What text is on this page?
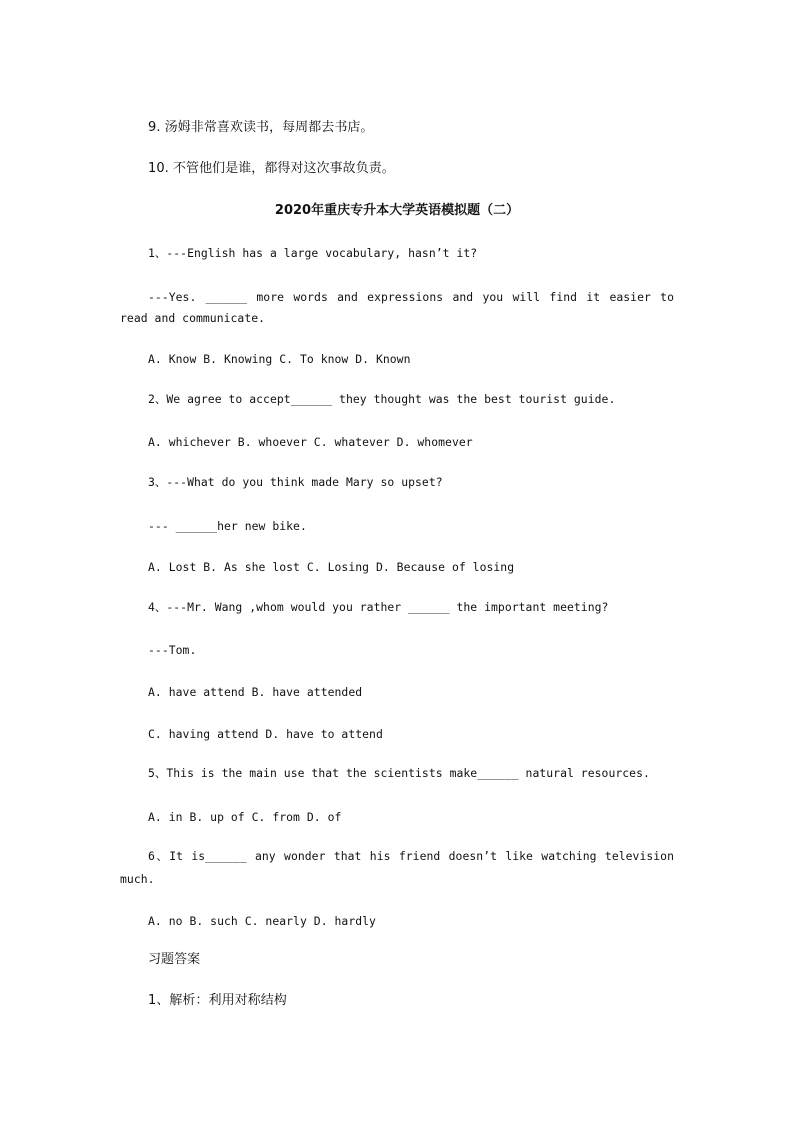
9. 汤姆非常喜欢读书，每周都去书店。
10. 不管他们是谁，都得对这次事故负责。
2020年重庆专升本大学英语模拟题（二）
1、---English has a large vocabulary, hasn’t it?
---Yes. ______ more words and expressions and you will find it easier to
read and communicate.
A. Know B. Knowing C. To know D. Known
2、We agree to accept______ they thought was the best tourist guide.
A. whichever B. whoever C. whatever D. whomever
3、---What do you think made Mary so upset?
--- ______her new bike.
A. Lost B. As she lost C. Losing D. Because of losing
4、---Mr. Wang ,whom would you rather ______ the important meeting?
---Tom.
A. have attend B. have attended
C. having attend D. have to attend
5、This is the main use that the scientists make______ natural resources.
A. in B. up of C. from D. of
6、It is______ any wonder that his friend doesn’t like watching television
much.
A. no B. such C. nearly D. hardly
习题答案
1、解析：利用对称结构
